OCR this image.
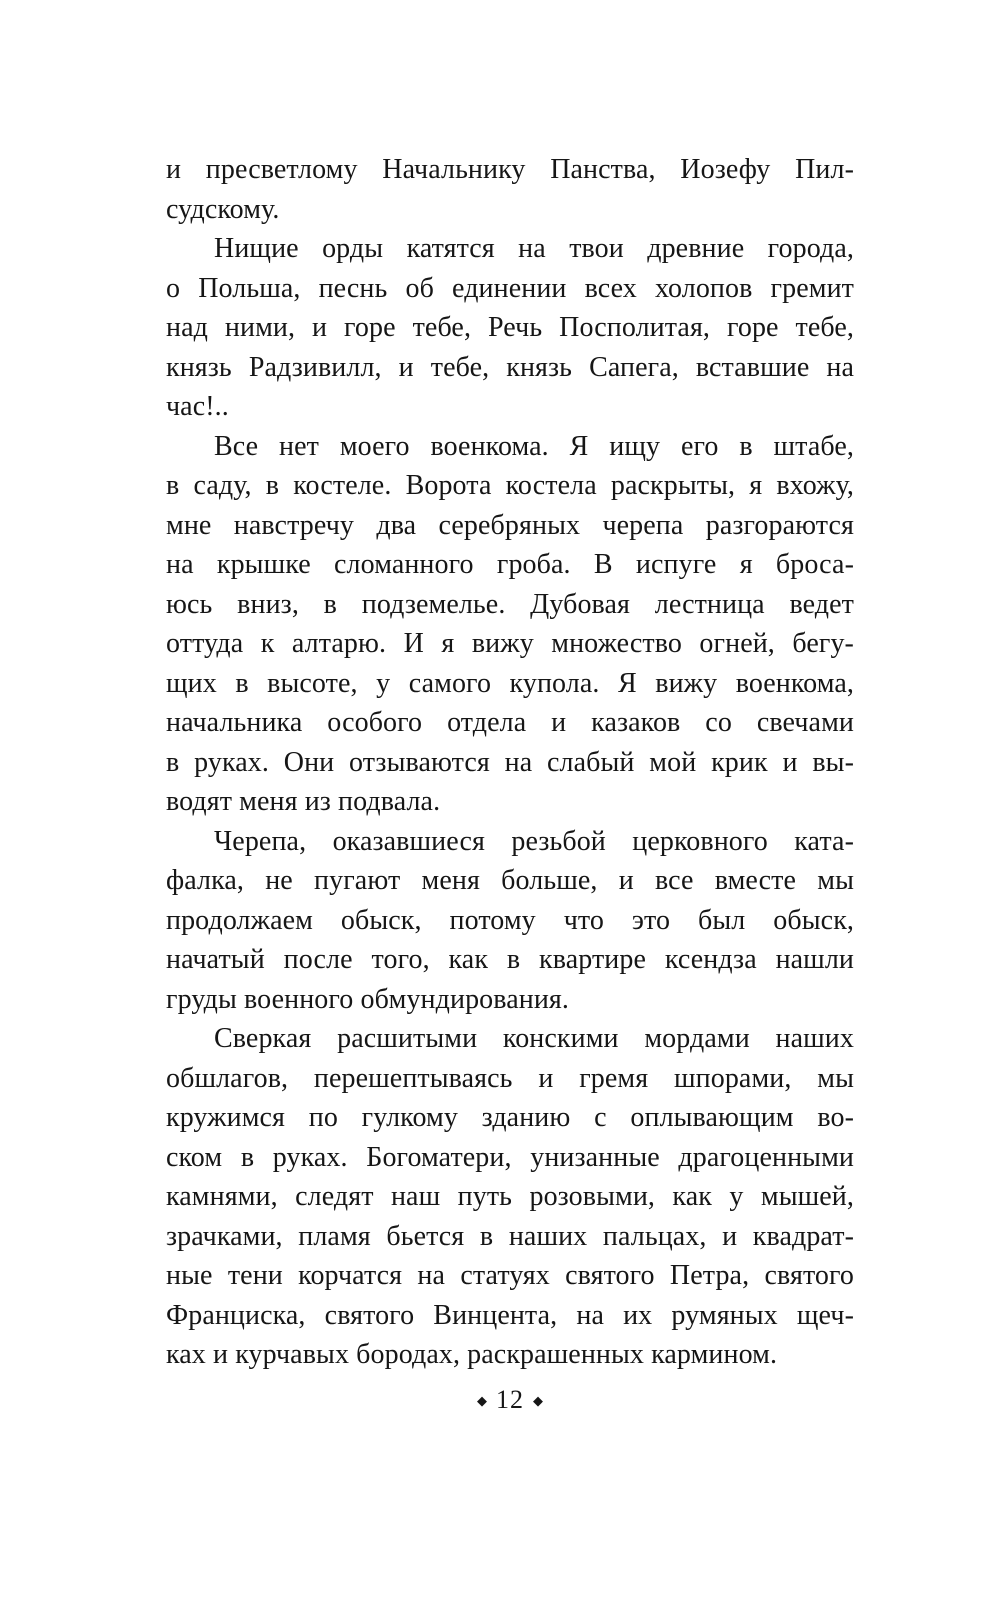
и пресветлому Начальнику Панства, Иозефу Пил-
судскому.
Нищие орды катятся на твои древние города,
о Польша, песнь об единении всех холопов гремит
над ними, и горе тебе, Речь Посполитая, горе тебе,
князь Радзивилл, и тебе, князь Сапега, вставшие на
час!..
Все нет моего военкома. Я ищу его в штабе,
в саду, в костеле. Ворота костела раскрыты, я вхожу,
мне навстречу два серебряных черепа разгораются
на крышке сломанного гроба. В испуге я броса-
юсь вниз, в подземелье. Дубовая лестница ведет
оттуда к алтарю. И я вижу множество огней, бегу-
щих в высоте, у самого купола. Я вижу военкома,
начальника особого отдела и казаков со свечами
в руках. Они отзываются на слабый мой крик и вы-
водят меня из подвала.
Черепа, оказавшиеся резьбой церковного ката-
фалка, не пугают меня больше, и все вместе мы
продолжаем обыск, потому что это был обыск,
начатый после того, как в квартире ксендза нашли
груды военного обмундирования.
Сверкая расшитыми конскими мордами наших
обшлагов, перешептываясь и гремя шпорами, мы
кружимся по гулкому зданию с оплывающим во-
ском в руках. Богоматери, унизанные драгоценными
камнями, следят наш путь розовыми, как у мышей,
зрачками, пламя бьется в наших пальцах, и квадрат-
ные тени корчатся на статуях святого Петра, святого
Франциска, святого Винцента, на их румяных щеч-
ках и курчавых бородах, раскрашенных кармином.
◆ 12 ◆
